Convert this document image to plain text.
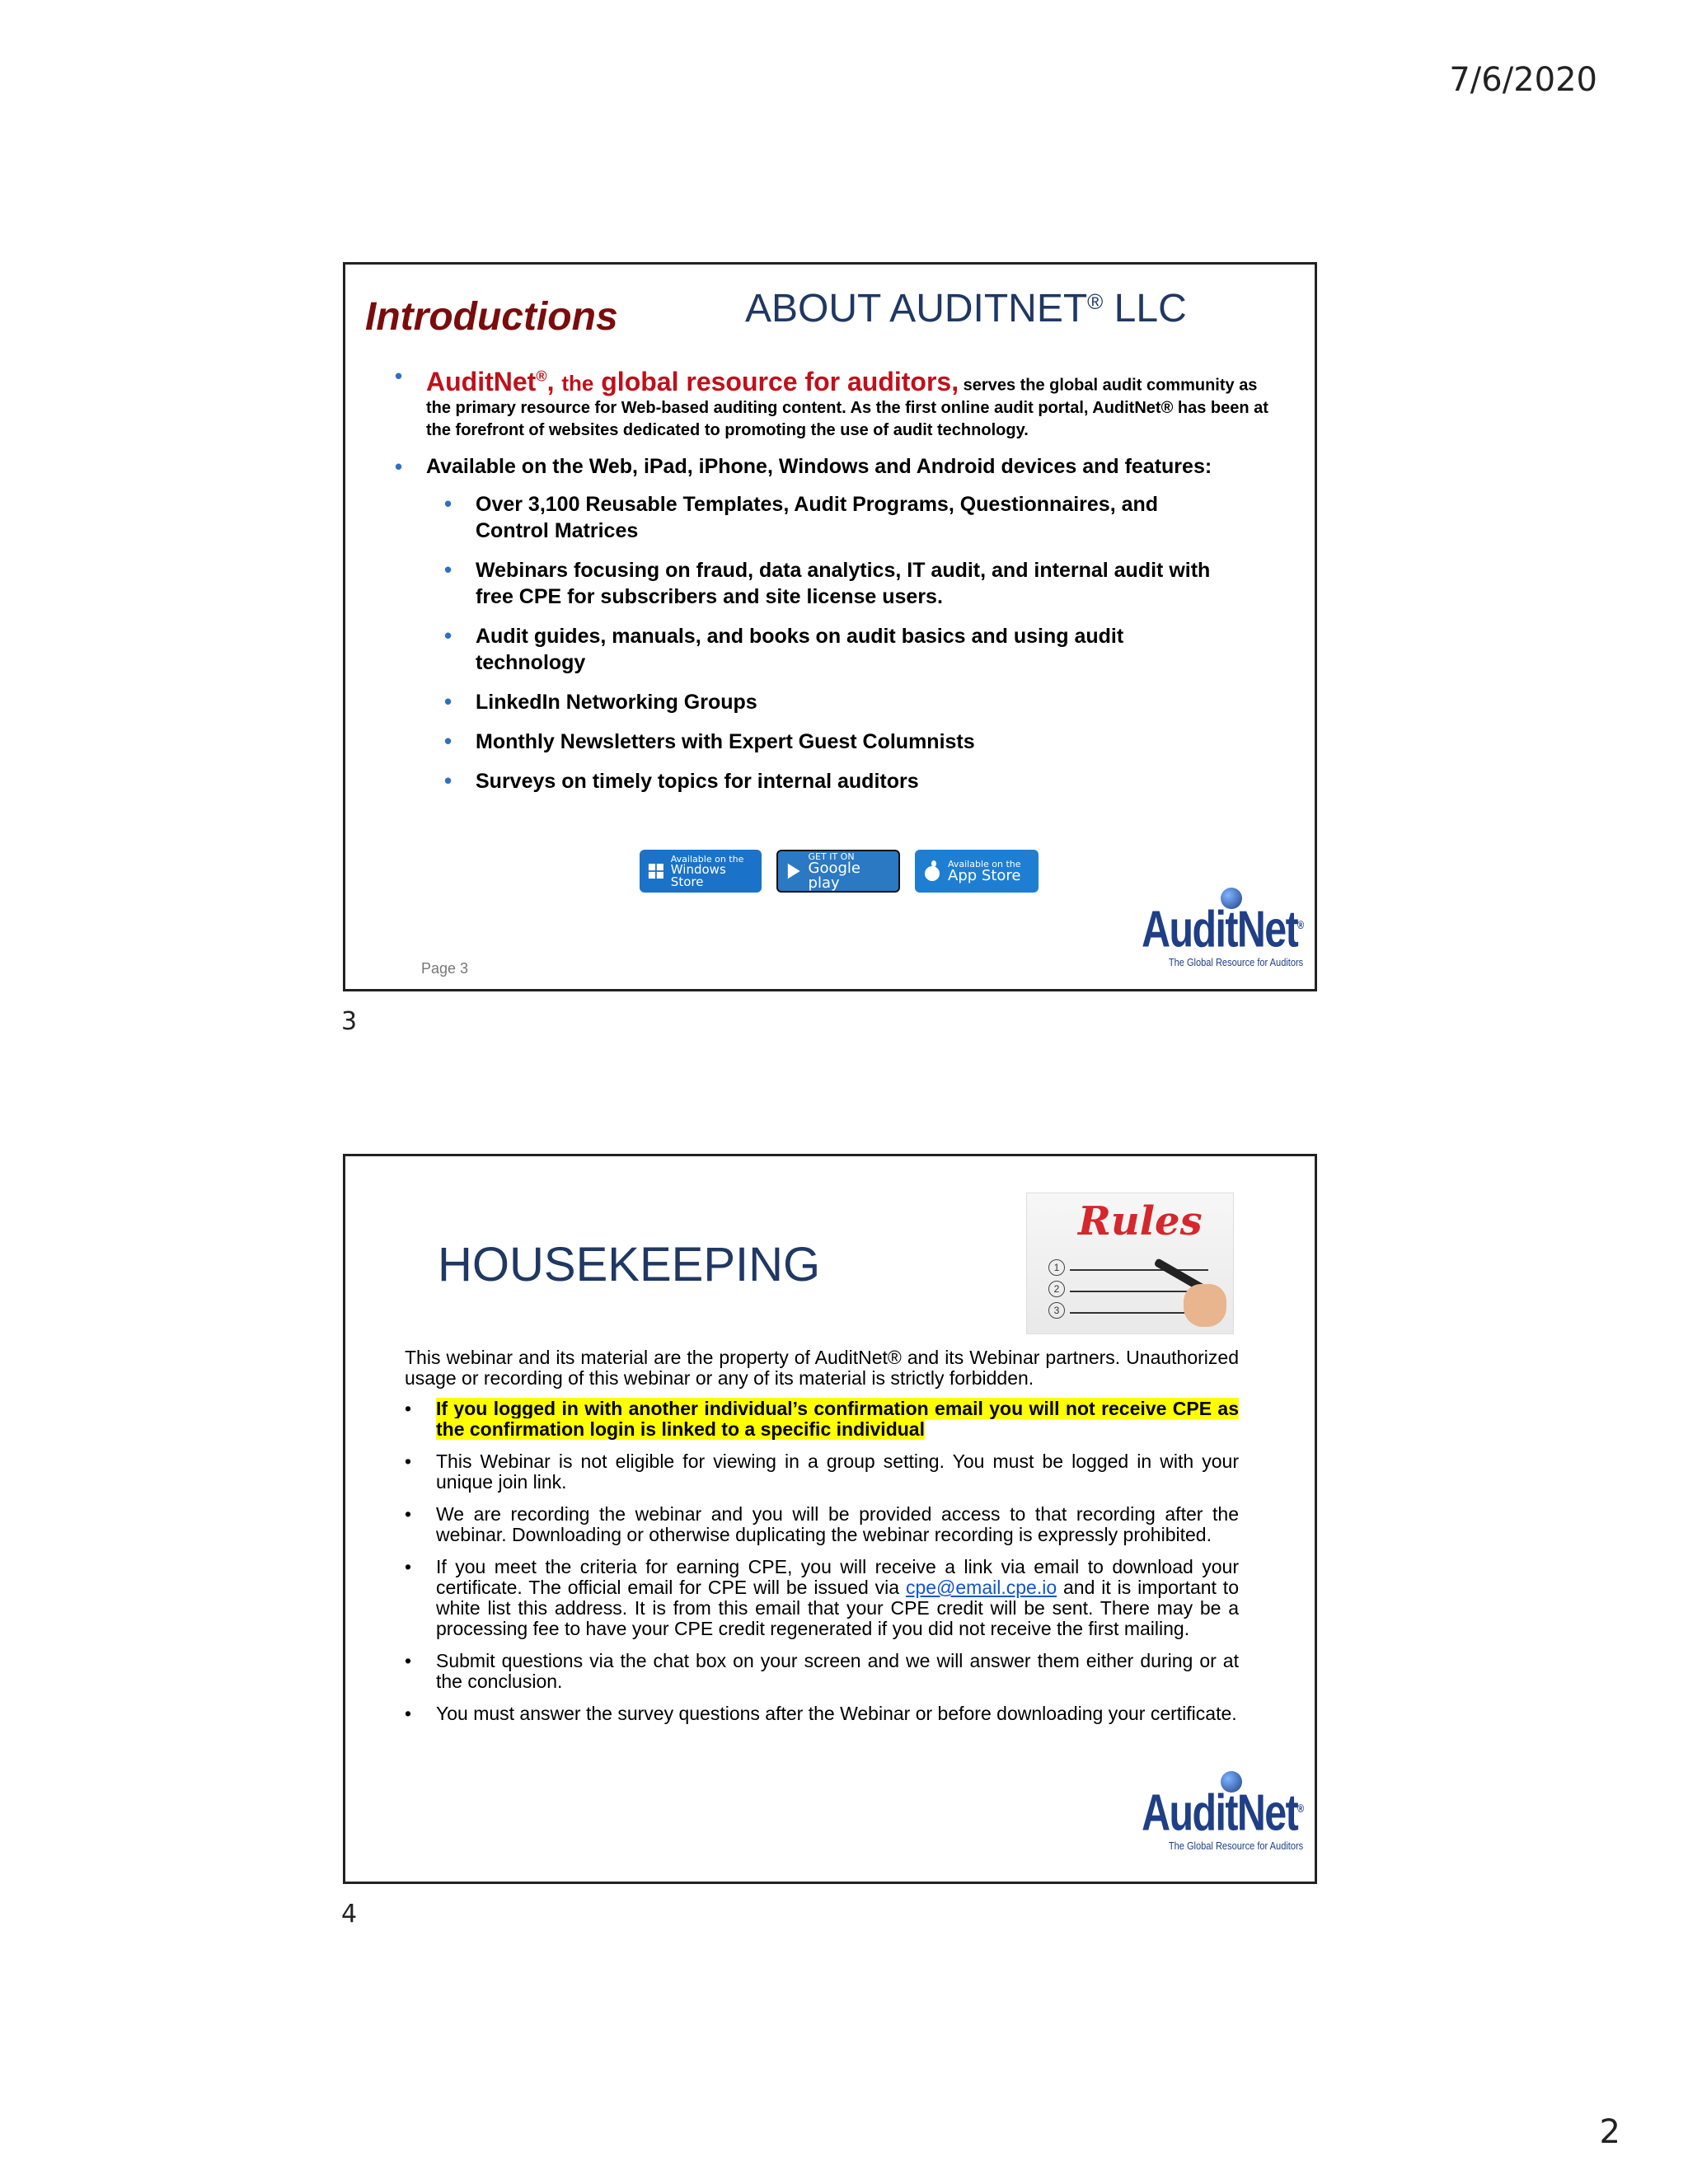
7/6/2020
Introductions	ABOUT AUDITNET® LLC
• AuditNet®, the global resource for auditors, serves the global audit community as the primary resource for Web-based auditing content. As the first online audit portal, AuditNet® has been at the forefront of websites dedicated to promoting the use of audit technology.
• Available on the Web, iPad, iPhone, Windows and Android devices and features:
• Over 3,100 Reusable Templates, Audit Programs, Questionnaires, and Control Matrices
• Webinars focusing on fraud, data analytics, IT audit, and internal audit with free CPE for subscribers and site license users.
• Audit guides, manuals, and books on audit basics and using audit technology
• LinkedIn Networking Groups
• Monthly Newsletters with Expert Guest Columnists
• Surveys on timely topics for internal auditors
Available on the
Windows Store
GET IT ON
Google play
Available on the
App Store
AuditNet®
The Global Resource for Auditors
Page 3
3
HOUSEKEEPING
Rules
1
2
3
This webinar and its material are the property of AuditNet® and its Webinar partners. Unauthorized usage or recording of this webinar or any of its material is strictly forbidden.
• If you logged in with another individual’s confirmation email you will not receive CPE as the confirmation login is linked to a specific individual
• This Webinar is not eligible for viewing in a group setting. You must be logged in with your unique join link.
• We are recording the webinar and you will be provided access to that recording after the webinar. Downloading or otherwise duplicating the webinar recording is expressly prohibited.
• If you meet the criteria for earning CPE, you will receive a link via email to download your certificate. The official email for CPE will be issued via cpe@email.cpe.io and it is important to white list this address. It is from this email that your CPE credit will be sent. There may be a processing fee to have your CPE credit regenerated if you did not receive the first mailing.
• Submit questions via the chat box on your screen and we will answer them either during or at the conclusion.
• You must answer the survey questions after the Webinar or before downloading your certificate.
AuditNet®
The Global Resource for Auditors
4
2
